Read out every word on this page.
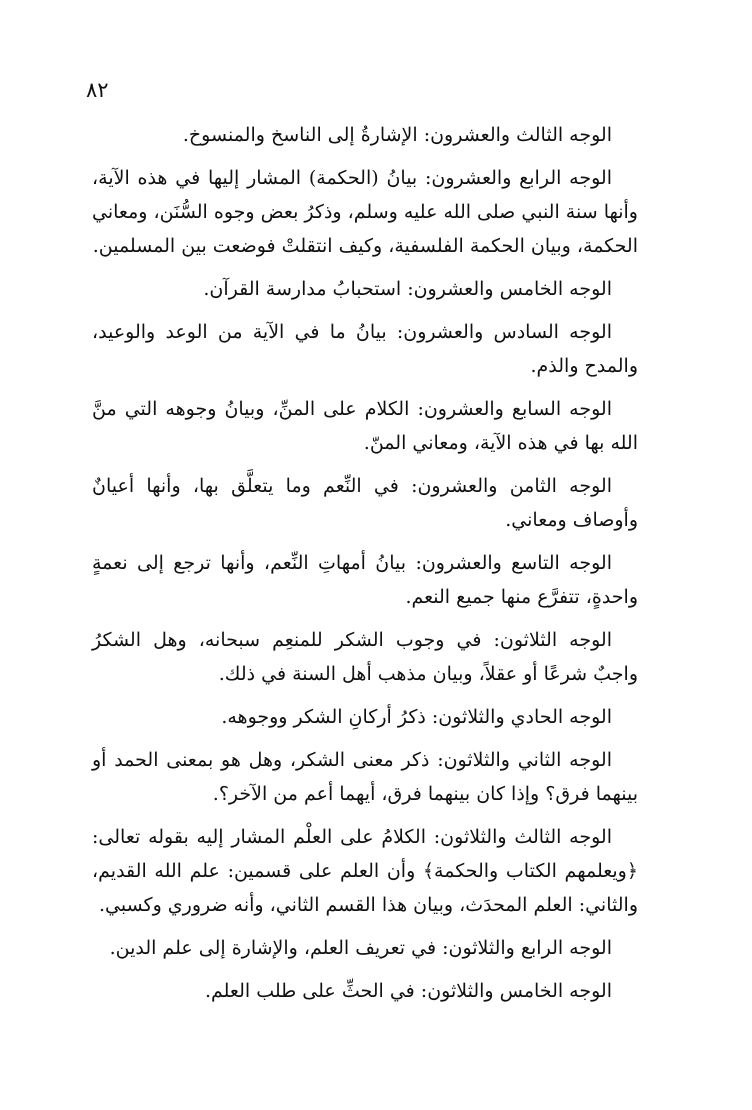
٨٢

الوجه الثالث والعشرون: الإشارةُ إلى الناسخ والمنسوخ.

الوجه الرابع والعشرون: بيانُ (الحكمة) المشار إليها في هذه الآية، وأنها سنة النبي صلى الله عليه وسلم، وذكرُ بعض وجوه السُّنَن، ومعاني الحكمة، وبيان الحكمة الفلسفية، وكيف انتقلتْ فوضعت بين المسلمين.

الوجه الخامس والعشرون: استحبابُ مدارسة القرآن.

الوجه السادس والعشرون: بيانُ ما في الآية من الوعد والوعيد، والمدح والذم.

الوجه السابع والعشرون: الكلام على المنِّ، وبيانُ وجوهه التي منَّ الله بها في هذه الآية، ومعاني المنّ.

الوجه الثامن والعشرون: في النِّعم وما يتعلَّق بها، وأنها أعيانٌ وأوصاف ومعاني.

الوجه التاسع والعشرون: بيانُ أمهاتِ النِّعم، وأنها ترجع إلى نعمةٍ واحدةٍ، تتفرَّع منها جميع النعم.

الوجه الثلاثون: في وجوب الشكر للمنعِم سبحانه، وهل الشكرُ واجبٌ شرعًا أو عقلاً، وبيان مذهب أهل السنة في ذلك.

الوجه الحادي والثلاثون: ذكرُ أركانِ الشكر ووجوهه.

الوجه الثاني والثلاثون: ذكر معنى الشكر، وهل هو بمعنى الحمد أو بينهما فرق؟ وإذا كان بينهما فرق، أيهما أعم من الآخر؟.

الوجه الثالث والثلاثون: الكلامُ على العلْم المشار إليه بقوله تعالى: ﴿ويعلمهم الكتاب والحكمة﴾ وأن العلم على قسمين: علم الله القديم، والثاني: العلم المحدَث، وبيان هذا القسم الثاني، وأنه ضروري وكسبي.

الوجه الرابع والثلاثون: في تعريف العلم، والإشارة إلى علم الدين.

الوجه الخامس والثلاثون: في الحثِّ على طلب العلم.
